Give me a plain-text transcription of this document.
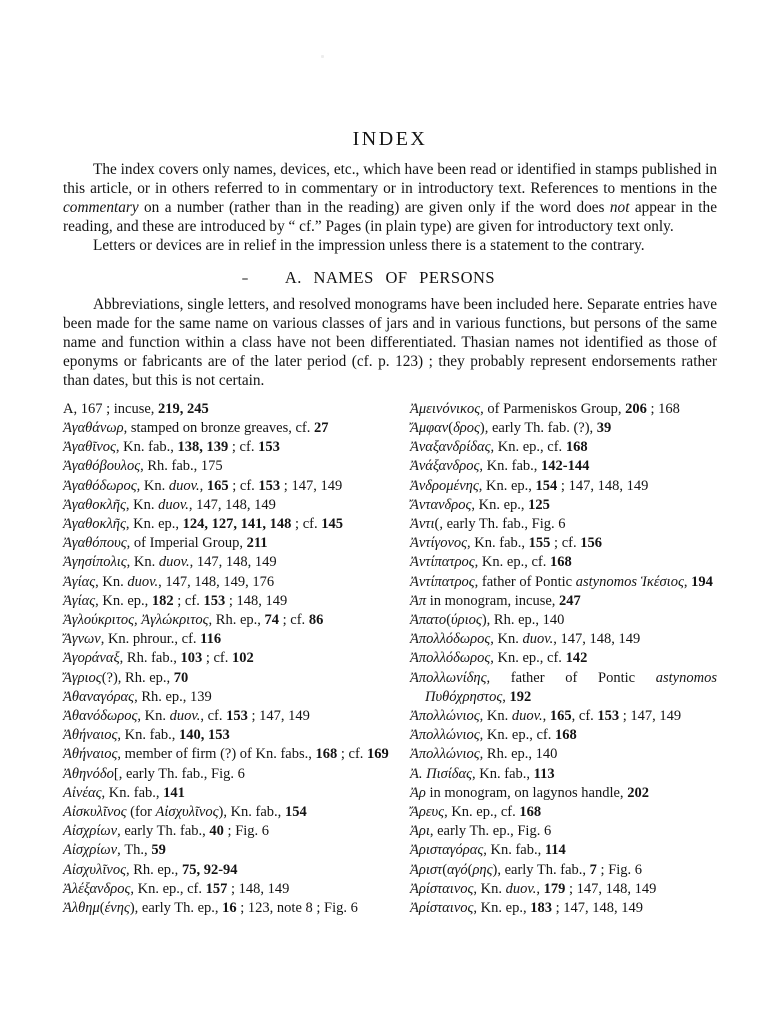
INDEX

The index covers only names, devices, etc., which have been read or identified in stamps published in this article, or in others referred to in commentary or in introductory text. References to mentions in the commentary on a number (rather than in the reading) are given only if the word does not appear in the reading, and these are introduced by “ cf.” Pages (in plain type) are given for introductory text only.

Letters or devices are in relief in the impression unless there is a statement to the contrary.

A. NAMES OF PERSONS

Abbreviations, single letters, and resolved monograms have been included here. Separate entries have been made for the same name on various classes of jars and in various functions, but persons of the same name and function within a class have not been differentiated. Thasian names not identified as those of eponyms or fabricants are of the later period (cf. p. 123) ; they probably represent endorsements rather than dates, but this is not certain.

A, 167 ; incuse, 219, 245
Ἀγαθάνωρ, stamped on bronze greaves, cf. 27
Ἀγαθῖνος, Kn. fab., 138, 139 ; cf. 153
Ἀγαθόβουλος, Rh. fab., 175
Ἀγαθόδωρος, Kn. duov., 165 ; cf. 153 ; 147, 149
Ἀγαθοκλῆς, Kn. duov., 147, 148, 149
Ἀγαθοκλῆς, Kn. ep., 124, 127, 141, 148 ; cf. 145
Ἀγαθόπους, of Imperial Group, 211
Ἀγησίπολις, Kn. duov., 147, 148, 149
Ἀγίας, Kn. duov., 147, 148, 149, 176
Ἀγίας, Kn. ep., 182 ; cf. 153 ; 148, 149
Ἀγλούκριτος, Ἀγλώκριτος, Rh. ep., 74 ; cf. 86
Ἄγνων, Kn. phrour., cf. 116
Ἀγοράναξ, Rh. fab., 103 ; cf. 102
Ἄγριος(?), Rh. ep., 70
Ἀθαναγόρας, Rh. ep., 139
Ἀθανόδωρος, Kn. duov., cf. 153 ; 147, 149
Ἀθήναιος, Kn. fab., 140, 153
Ἀθήναιος, member of firm (?) of Kn. fabs., 168 ; cf. 169
Ἀθηνόδο[, early Th. fab., Fig. 6
Αἰνέας, Kn. fab., 141
Αἰσκυλῖνος (for Αἰσχυλῖνος), Kn. fab., 154
Αἰσχρίων, early Th. fab., 40 ; Fig. 6
Αἰσχρίων, Th., 59
Αἰσχυλῖνος, Rh. ep., 75, 92-94
Ἀλέξανδρος, Kn. ep., cf. 157 ; 148, 149
Ἀλθημ(ένης), early Th. ep., 16 ; 123, note 8 ; Fig. 6
Ἀμεινόνικος, of Parmeniskos Group, 206 ; 168
Ἄμφαν(δρος), early Th. fab. (?), 39
Ἀναξανδρίδας, Kn. ep., cf. 168
Ἀνάξανδρος, Kn. fab., 142-144
Ἀνδρομένης, Kn. ep., 154 ; 147, 148, 149
Ἄντανδρος, Kn. ep., 125
Ἀντι(, early Th. fab., Fig. 6
Ἀντίγονος, Kn. fab., 155 ; cf. 156
Ἀντίπατρος, Kn. ep., cf. 168
Ἀντίπατρος, father of Pontic astynomos Ἱκέσιος, 194
Ἀπ in monogram, incuse, 247
Ἀπατο(ύριος), Rh. ep., 140
Ἀπολλόδωρος, Kn. duov., 147, 148, 149
Ἀπολλόδωρος, Kn. ep., cf. 142
Ἀπολλωνίδης, father of Pontic astynomos Πυθόχρηστος, 192
Ἀπολλώνιος, Kn. duov., 165, cf. 153 ; 147, 149
Ἀπολλώνιος, Kn. ep., cf. 168
Ἀπολλώνιος, Rh. ep., 140
Ἀ. Πισίδας, Kn. fab., 113
Ἀρ in monogram, on lagynos handle, 202
Ἄρευς, Kn. ep., cf. 168
Ἀρι, early Th. ep., Fig. 6
Ἀρισταγόρας, Kn. fab., 114
Ἀριστ(αγό(ρης), early Th. fab., 7 ; Fig. 6
Ἀρίσταινος, Kn. duov., 179 ; 147, 148, 149
Ἀρίσταινος, Kn. ep., 183 ; 147, 148, 149
